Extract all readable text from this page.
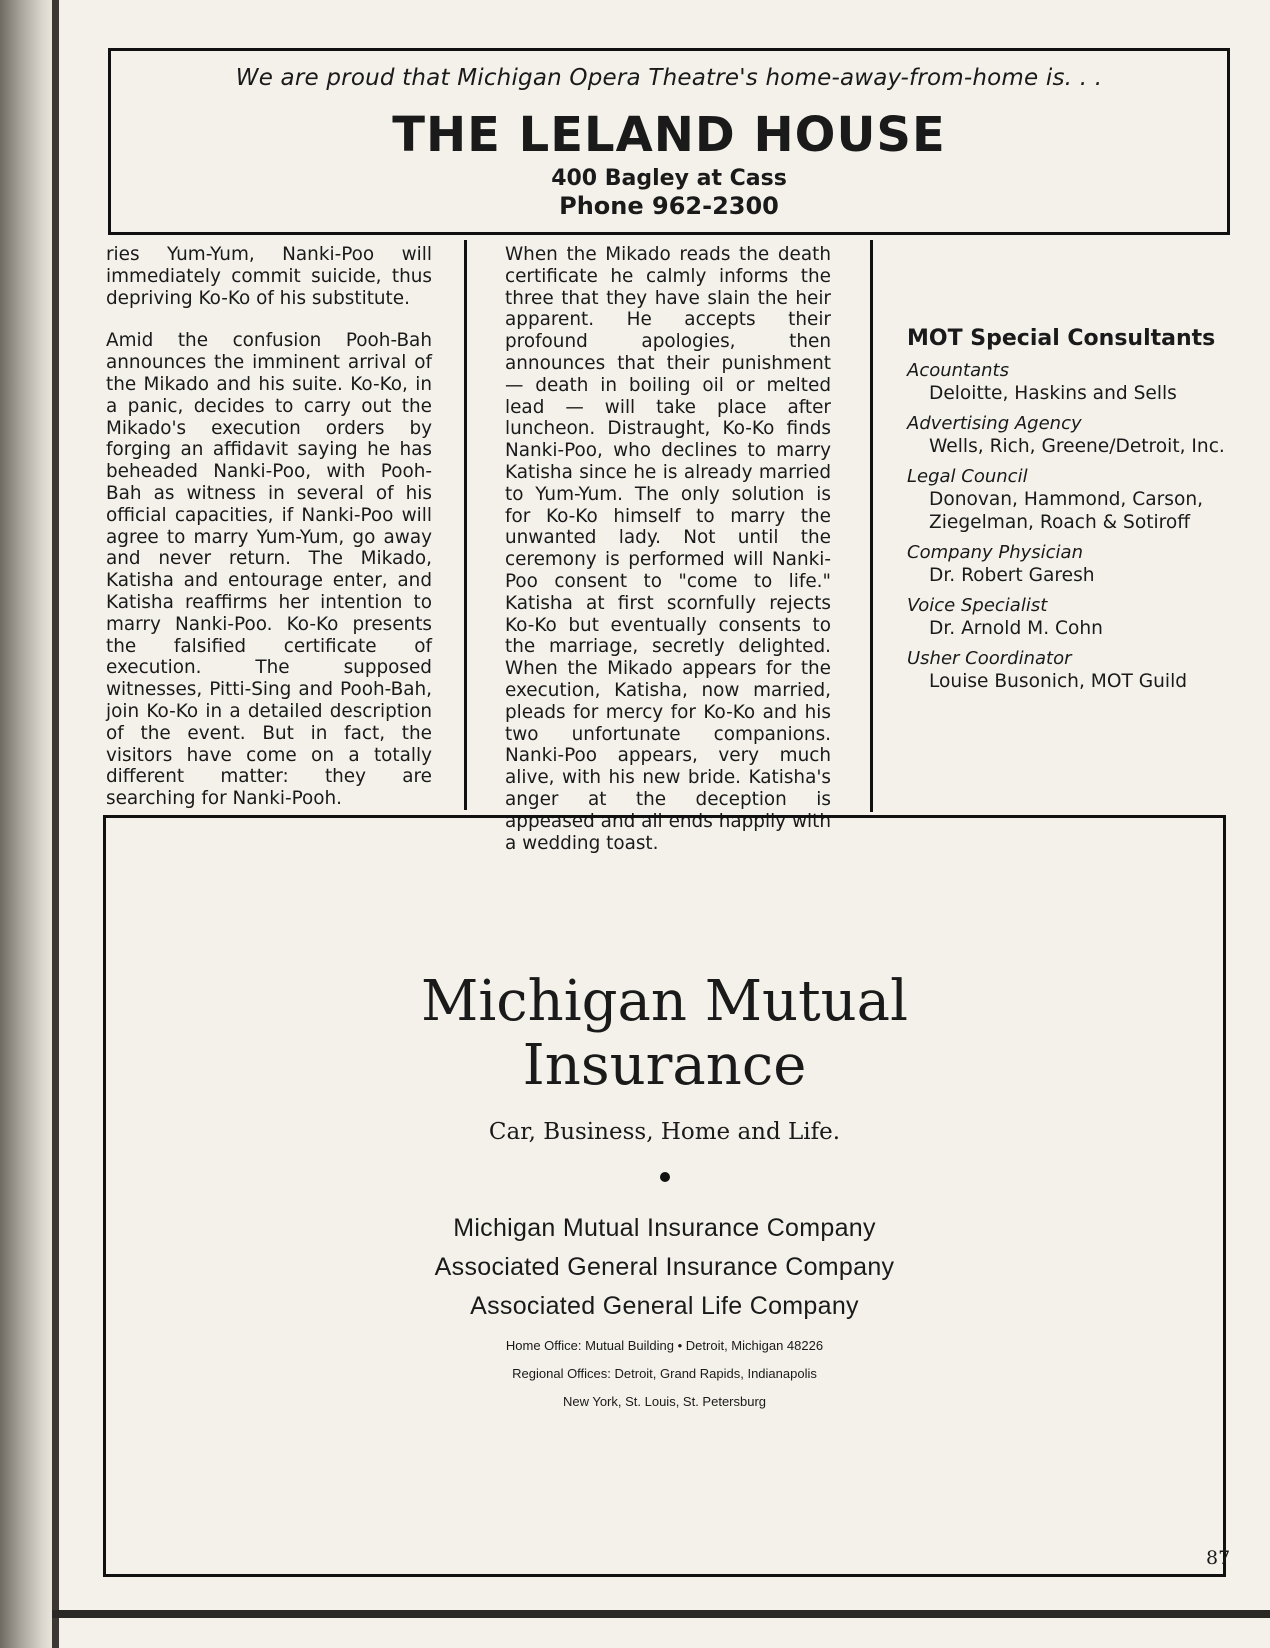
We are proud that Michigan Opera Theatre's home-away-from-home is. . .
THE LELAND HOUSE
400 Bagley at Cass
Phone 962-2300

ries Yum-Yum, Nanki-Poo will immediately commit suicide, thus depriving Ko-Ko of his substitute.

Amid the confusion Pooh-Bah announces the imminent arrival of the Mikado and his suite. Ko-Ko, in a panic, decides to carry out the Mikado's execution orders by forging an affidavit saying he has beheaded Nanki-Poo, with Pooh-Bah as witness in several of his official capacities, if Nanki-Poo will agree to marry Yum-Yum, go away and never return. The Mikado, Katisha and entourage enter, and Katisha reaffirms her intention to marry Nanki-Poo. Ko-Ko presents the falsified certificate of execution. The supposed witnesses, Pitti-Sing and Pooh-Bah, join Ko-Ko in a detailed description of the event. But in fact, the visitors have come on a totally different matter: they are searching for Nanki-Pooh.

When the Mikado reads the death certificate he calmly informs the three that they have slain the heir apparent. He accepts their profound apologies, then announces that their punishment — death in boiling oil or melted lead — will take place after luncheon. Distraught, Ko-Ko finds Nanki-Poo, who declines to marry Katisha since he is already married to Yum-Yum. The only solution is for Ko-Ko himself to marry the unwanted lady. Not until the ceremony is performed will Nanki-Poo consent to "come to life." Katisha at first scornfully rejects Ko-Ko but eventually consents to the marriage, secretly delighted. When the Mikado appears for the execution, Katisha, now married, pleads for mercy for Ko-Ko and his two unfortunate companions. Nanki-Poo appears, very much alive, with his new bride. Katisha's anger at the deception is appeased and all ends happily with a wedding toast.

MOT Special Consultants
Acountants
Deloitte, Haskins and Sells
Advertising Agency
Wells, Rich, Greene/Detroit, Inc.
Legal Council
Donovan, Hammond, Carson, Ziegelman, Roach & Sotiroff
Company Physician
Dr. Robert Garesh
Voice Specialist
Dr. Arnold M. Cohn
Usher Coordinator
Louise Busonich, MOT Guild
Michigan Mutual
Insurance
Car, Business, Home and Life.
Michigan Mutual Insurance Company
Associated General Insurance Company
Associated General Life Company
Home Office: Mutual Building • Detroit, Michigan 48226
Regional Offices: Detroit, Grand Rapids, Indianapolis
New York, St. Louis, St. Petersburg
87
